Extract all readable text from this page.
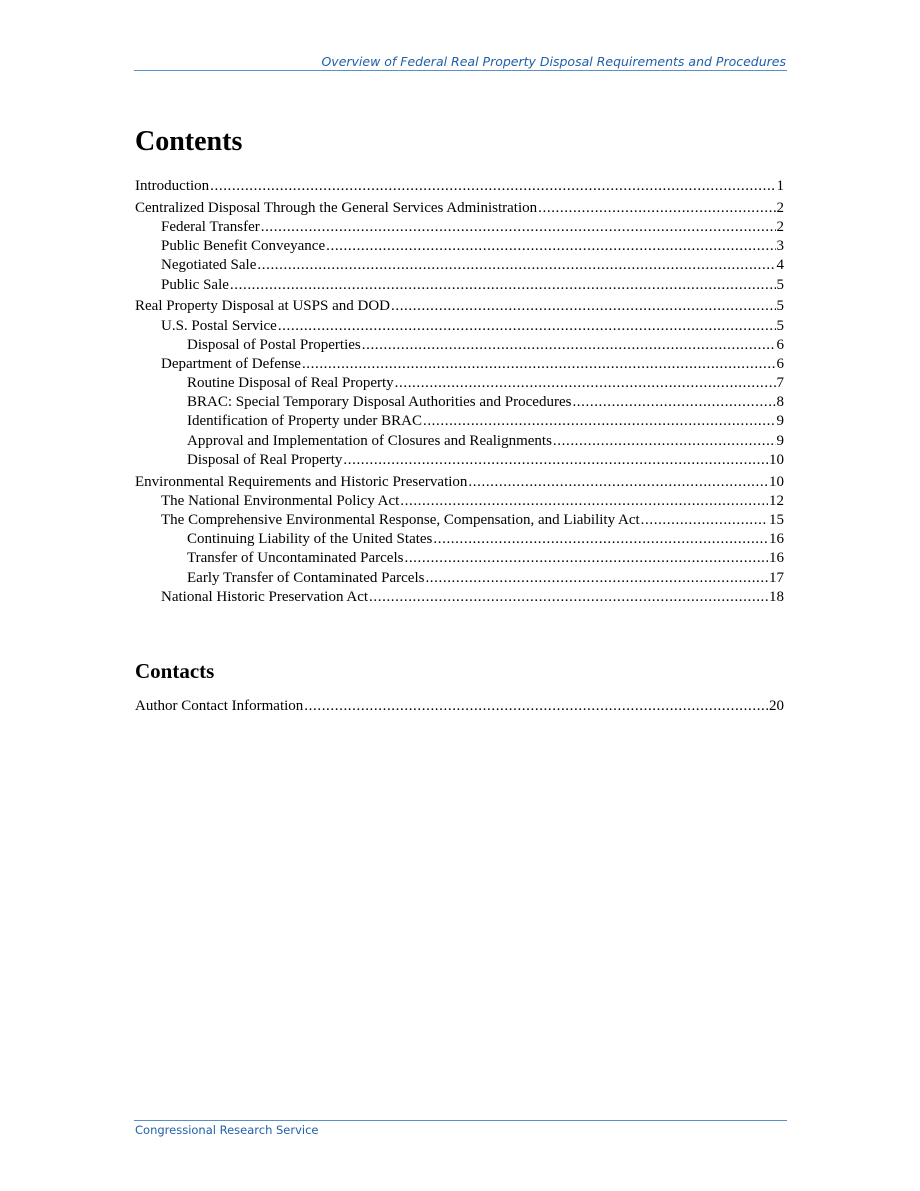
Overview of Federal Real Property Disposal Requirements and Procedures
Contents
Introduction .....	1
Centralized Disposal Through the General Services Administration .....	2
Federal Transfer .....	2
Public Benefit Conveyance .....	3
Negotiated Sale .....	4
Public Sale .....	5
Real Property Disposal at USPS and DOD .....	5
U.S. Postal Service .....	5
Disposal of Postal Properties .....	6
Department of Defense .....	6
Routine Disposal of Real Property .....	7
BRAC: Special Temporary Disposal Authorities and Procedures .....	8
Identification of Property under BRAC .....	9
Approval and Implementation of Closures and Realignments .....	9
Disposal of Real Property .....	10
Environmental Requirements and Historic Preservation .....	10
The National Environmental Policy Act .....	12
The Comprehensive Environmental Response, Compensation, and Liability Act .....	15
Continuing Liability of the United States .....	16
Transfer of Uncontaminated Parcels .....	16
Early Transfer of Contaminated Parcels .....	17
National Historic Preservation Act .....	18
Contacts
Author Contact Information .....	20
Congressional Research Service
